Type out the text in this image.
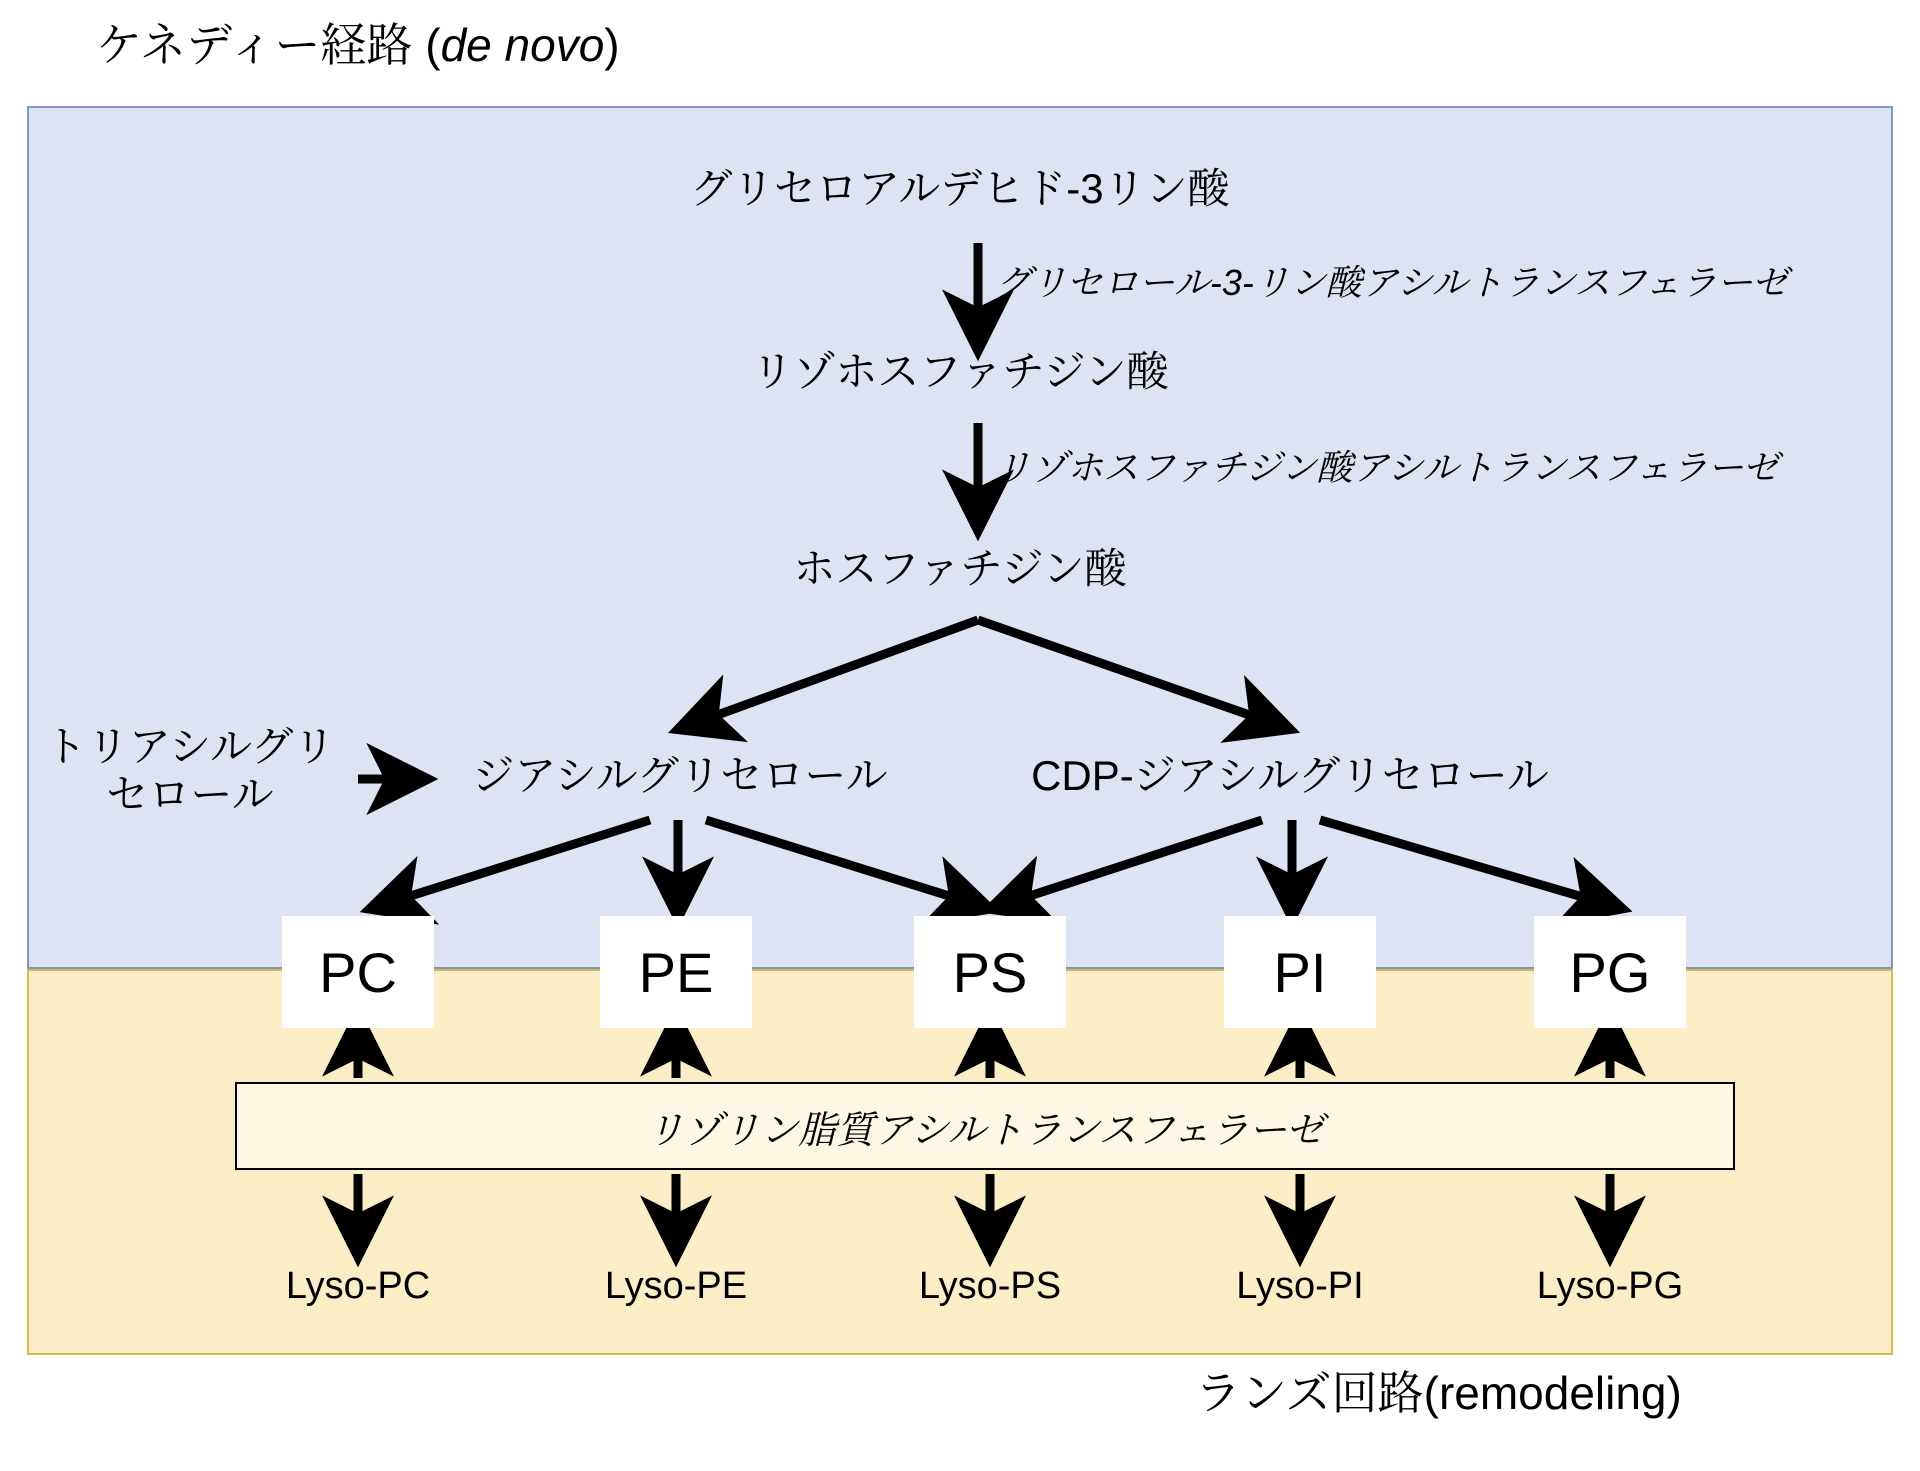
ケネディー経路 (de novo)
グリセロアルデヒド-3リン酸
グリセロール-3-リン酸アシルトランスフェラーゼ
リゾホスファチジン酸
リゾホスファチジン酸アシルトランスフェラーゼ
ホスファチジン酸
トリアシルグリセロール	ジアシルグリセロール	CDP-ジアシルグリセロール
PC	PE	PS	PI	PG
リゾリン脂質アシルトランスフェラーゼ
Lyso-PC	Lyso-PE	Lyso-PS	Lyso-PI	Lyso-PG
ランズ回路(remodeling)
